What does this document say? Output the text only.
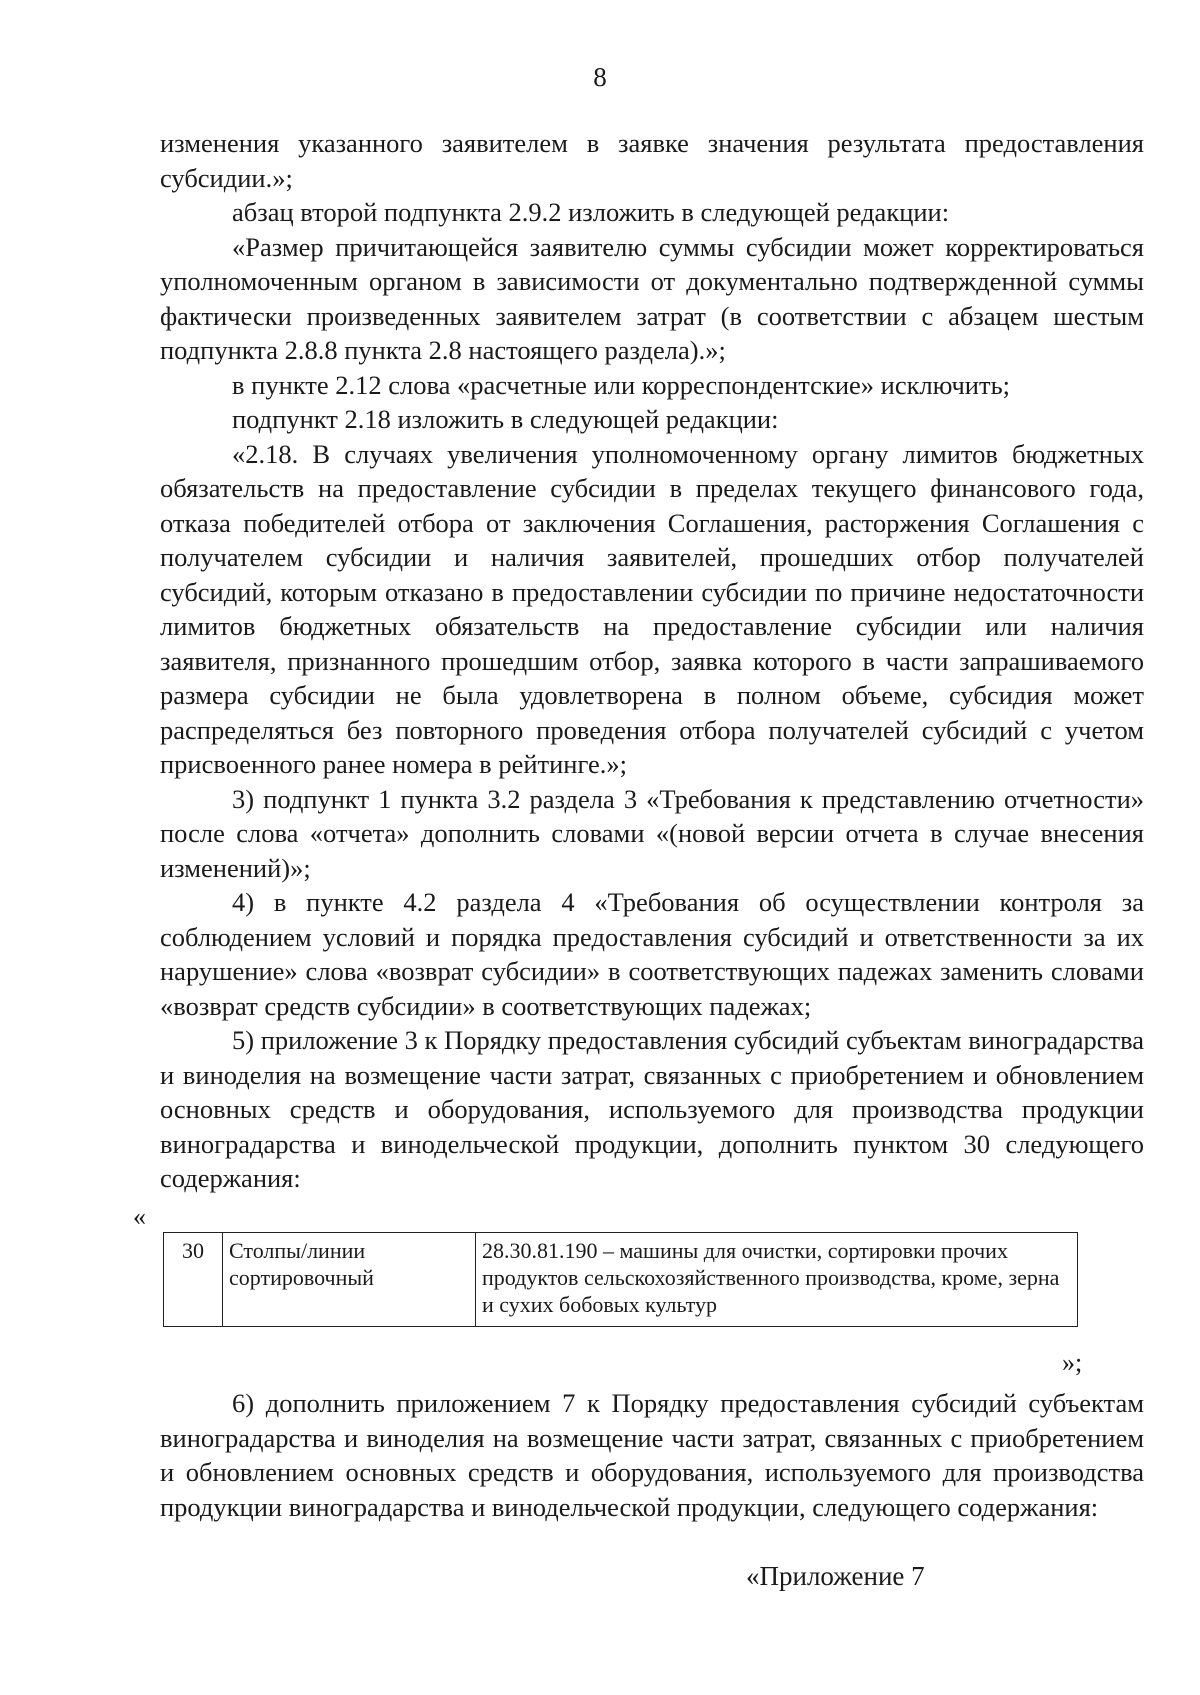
8

изменения указанного заявителем в заявке значения результата предоставления субсидии.»;

абзац второй подпункта 2.9.2 изложить в следующей редакции:

«Размер причитающейся заявителю суммы субсидии может корректироваться уполномоченным органом в зависимости от документально подтвержденной суммы фактически произведенных заявителем затрат (в соответствии с абзацем шестым подпункта 2.8.8 пункта 2.8 настоящего раздела).»;

в пункте 2.12 слова «расчетные или корреспондентские» исключить;

подпункт 2.18 изложить в следующей редакции:

«2.18. В случаях увеличения уполномоченному органу лимитов бюджетных обязательств на предоставление субсидии в пределах текущего финансового года, отказа победителей отбора от заключения Соглашения, расторжения Соглашения с получателем субсидии и наличия заявителей, прошедших отбор получателей субсидий, которым отказано в предоставлении субсидии по причине недостаточности лимитов бюджетных обязательств на предоставление субсидии или наличия заявителя, признанного прошедшим отбор, заявка которого в части запрашиваемого размера субсидии не была удовлетворена в полном объеме, субсидия может распределяться без повторного проведения отбора получателей субсидий с учетом присвоенного ранее номера в рейтинге.»;

3) подпункт 1 пункта 3.2 раздела 3 «Требования к представлению отчетности» после слова «отчета» дополнить словами «(новой версии отчета в случае внесения изменений)»;

4) в пункте 4.2 раздела 4 «Требования об осуществлении контроля за соблюдением условий и порядка предоставления субсидий и ответственности за их нарушение» слова «возврат субсидии» в соответствующих падежах заменить словами «возврат средств субсидии» в соответствующих падежах;

5) приложение 3 к Порядку предоставления субсидий субъектам виноградарства и виноделия на возмещение части затрат, связанных с приобретением и обновлением основных средств и оборудования, используемого для производства продукции виноградарства и винодельческой продукции, дополнить пунктом 30 следующего содержания:

«
30	Столпы/линии сортировочный	28.30.81.190 – машины для очистки, сортировки прочих продуктов сельскохозяйственного производства, кроме, зерна и сухих бобовых культур
»;

6) дополнить приложением 7 к Порядку предоставления субсидий субъектам виноградарства и виноделия на возмещение части затрат, связанных с приобретением и обновлением основных средств и оборудования, используемого для производства продукции виноградарства и винодельческой продукции, следующего содержания:

«Приложение 7
